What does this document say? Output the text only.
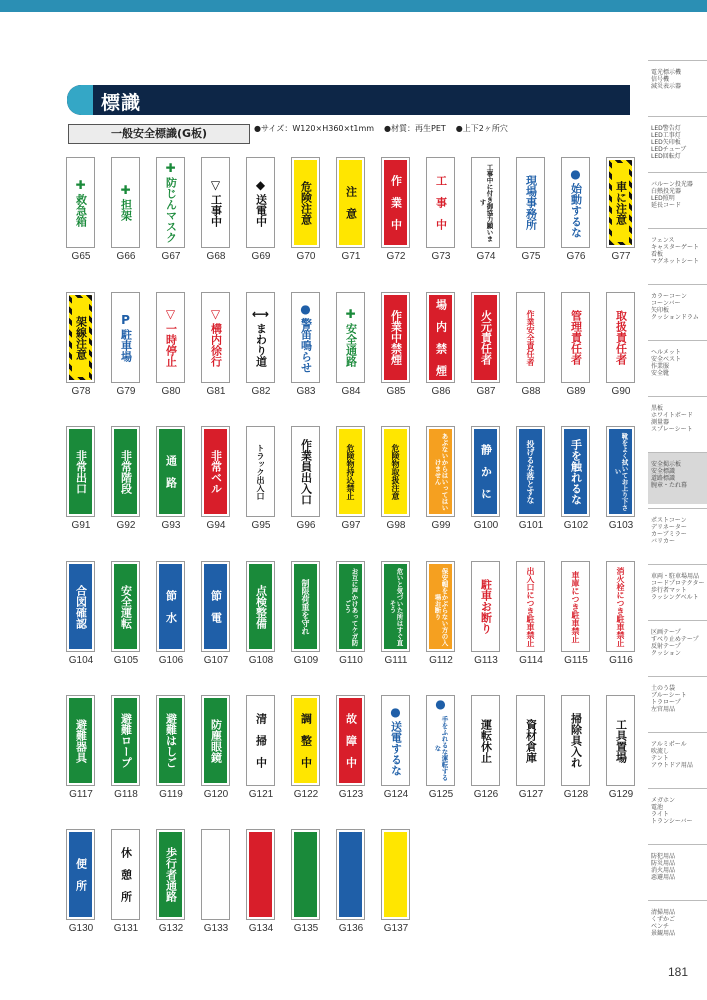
標識
一般安全標識(G板)	●サイズ：W120×H360×t1mm ●材質：再生PET ●上下2ヶ所穴
✚
救急箱
G65
✚
担架
G66
✚
防じんマスク
G67
▽
工事中
G68
◆
送電中
G69
危険注意
G70
注　意
G71
作　業　中
G72
工　事　中
G73
工事中に付き御協力願います
G74
現場事務所
G75
●
始動するな
G76
車に注意
G77
架線注意
G78
P
駐車場
G79
▽
一時停止
G80
▽
構内徐行
G81
⟷
まわり道
G82
●
警笛鳴らせ
G83
✚
安全通路
G84
作業中禁煙
G85
場　内　禁　煙
G86
火元責任者
G87
作業安全責任者
G88
管理責任者
G89
取扱責任者
G90
非常出口
G91
非常階段
G92
通　路
G93
非常ベル
G94
トラック出入口
G95
作業員出入口
G96
危険物持込禁止
G97
危険物取扱注意
G98
あぶないからはいってはいけません
G99
静　か　に
G100
投げるな落とすな
G101
手を触れるな
G102
靴をよく拭いてお上り下さい
G103
合図確認
G104
安全運転
G105
節　水
G106
節　電
G107
点検整備
G108
制限荷重を守れ
G109
お互に声かけあってケガ防ごう
G110
危いと気づいた所はすぐ直そう
G111
保安帽をかぶらない方の入場お断り
G112
駐車お断り
G113
出入口につき駐車禁止
G114
車庫につき駐車禁止
G115
消火栓につき駐車禁止
G116
避難器具
G117
避難ロープ
G118
避難はしご
G119
防塵眼鏡
G120
清　掃　中
G121
調　整　中
G122
故　障　中
G123
●
送電するな
G124
●
手をふれるな運転するな
G125
運転休止
G126
資材倉庫
G127
掃除具入れ
G128
工具置場
G129
便　所
G130
休　憩　所
G131
歩行者通路
G132	G133	G134	G135	G136	G137
電光標示機
信号機
減災表示器
LED警告灯
LED工事灯
LED矢印板
LEDチューブ
LED回転灯
バルーン投光器
白熱投光器
LED照明
延長コード
フェンス
キャスターゲート
看板
マグネットシート
カラーコーン
コーンバー
矢印板
クッションドラム
ヘルメット
安全ベスト
作業服
安全靴
黒板
ホワイトボード
測量器
スプレーシート
安全掲示板
安全標識
道路標識
腕章・たれ幕
ポストコーン
デリネーター
カーブミラー
バリカー
車両・駐車場用品
コードプロテクター
歩行者マット
ラッシングベルト
区画テープ
すべり止めテープ
反射テープ
クッション
土のう袋
ブルーシート
トラロープ
左官用品
アルミポール
吹流し
テント
アウトドア用品
メガホン
電池
ライト
トランシーバー
防犯用品
防災用品
消火用品
惡避用品
清掃用品
くずかご
ベンチ
景観用品
181
